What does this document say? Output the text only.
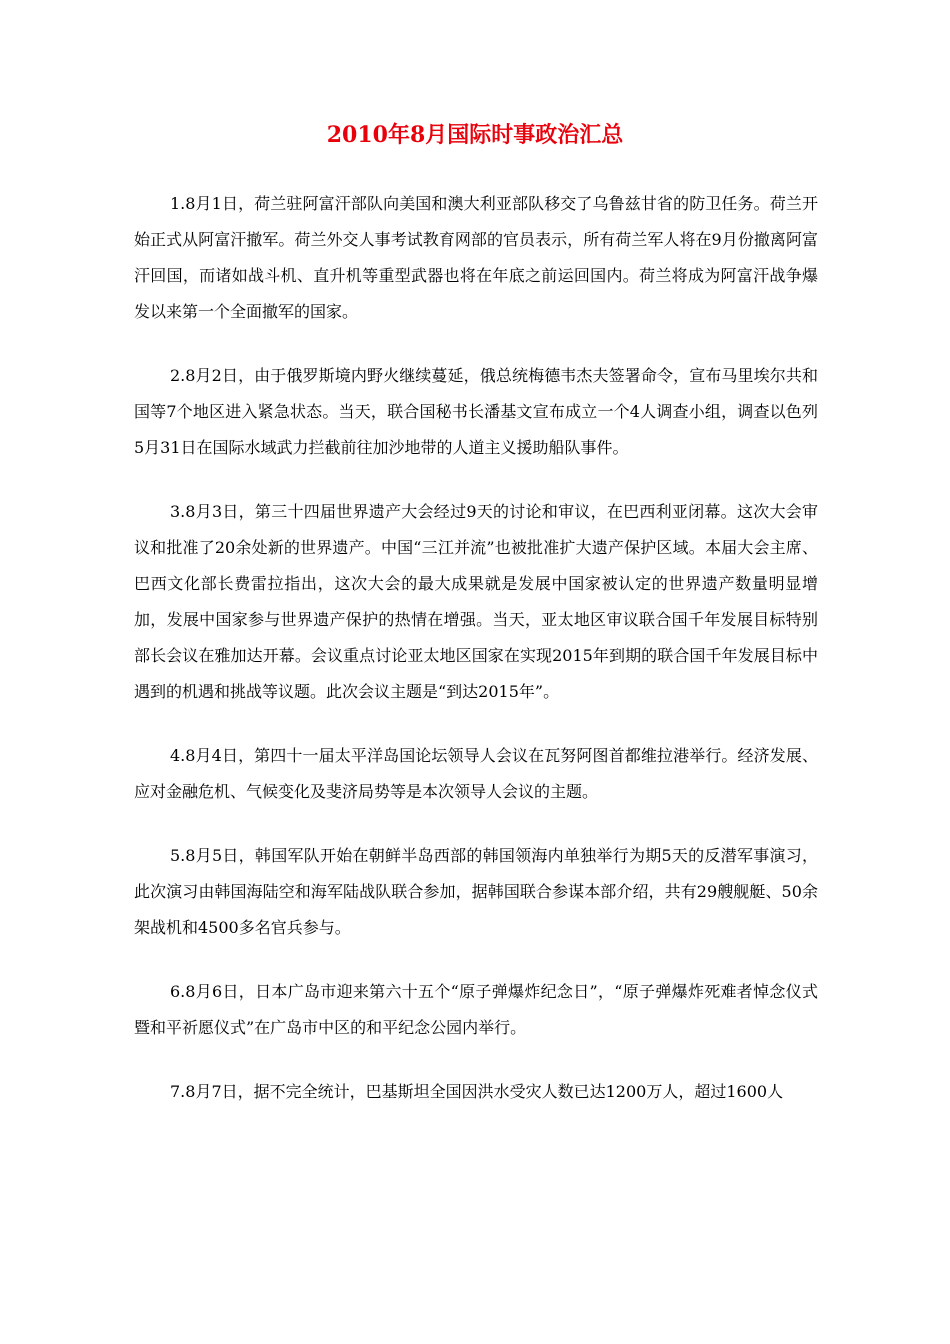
2010年8月国际时事政治汇总

1.8月1日，荷兰驻阿富汗部队向美国和澳大利亚部队移交了乌鲁兹甘省的防卫任务。荷兰开始正式从阿富汗撤军。荷兰外交人事考试教育网部的官员表示，所有荷兰军人将在9月份撤离阿富汗回国，而诸如战斗机、直升机等重型武器也将在年底之前运回国内。荷兰将成为阿富汗战争爆发以来第一个全面撤军的国家。

2.8月2日，由于俄罗斯境内野火继续蔓延，俄总统梅德韦杰夫签署命令，宣布马里埃尔共和国等7个地区进入紧急状态。当天，联合国秘书长潘基文宣布成立一个4人调查小组，调查以色列5月31日在国际水域武力拦截前往加沙地带的人道主义援助船队事件。

3.8月3日，第三十四届世界遗产大会经过9天的讨论和审议，在巴西利亚闭幕。这次大会审议和批准了20余处新的世界遗产。中国“三江并流”也被批准扩大遗产保护区域。本届大会主席、巴西文化部长费雷拉指出，这次大会的最大成果就是发展中国家被认定的世界遗产数量明显增加，发展中国家参与世界遗产保护的热情在增强。当天，亚太地区审议联合国千年发展目标特别部长会议在雅加达开幕。会议重点讨论亚太地区国家在实现2015年到期的联合国千年发展目标中遇到的机遇和挑战等议题。此次会议主题是“到达2015年”。

4.8月4日，第四十一届太平洋岛国论坛领导人会议在瓦努阿图首都维拉港举行。经济发展、应对金融危机、气候变化及斐济局势等是本次领导人会议的主题。

5.8月5日，韩国军队开始在朝鲜半岛西部的韩国领海内单独举行为期5天的反潜军事演习，此次演习由韩国海陆空和海军陆战队联合参加，据韩国联合参谋本部介绍，共有29艘舰艇、50余架战机和4500多名官兵参与。

6.8月6日，日本广岛市迎来第六十五个“原子弹爆炸纪念日”，“原子弹爆炸死难者悼念仪式暨和平祈愿仪式”在广岛市中区的和平纪念公园内举行。

7.8月7日，据不完全统计，巴基斯坦全国因洪水受灾人数已达1200万人，超过1600人
